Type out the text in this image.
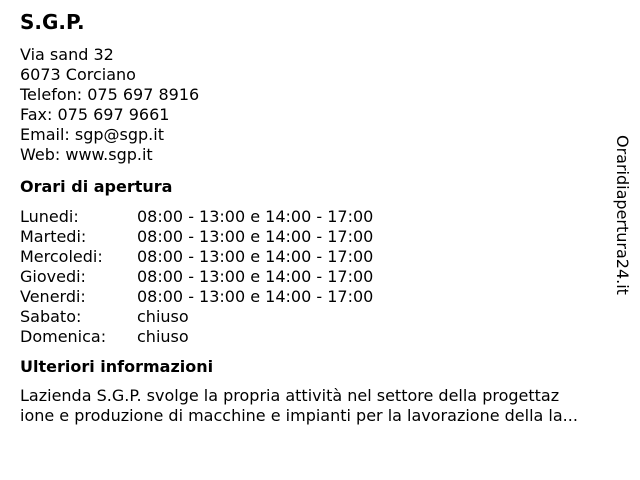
S.G.P.
Via sand 32
6073 Corciano
Telefon: 075 697 8916
Fax: 075 697 9661
Email: sgp@sgp.it
Web: www.sgp.it
Orari di apertura
Lunedi:	08:00 - 13:00 e 14:00 - 17:00
Martedi:	08:00 - 13:00 e 14:00 - 17:00
Mercoledi:	08:00 - 13:00 e 14:00 - 17:00
Giovedi:	08:00 - 13:00 e 14:00 - 17:00
Venerdi:	08:00 - 13:00 e 14:00 - 17:00
Sabato:	chiuso
Domenica:	chiuso
Ulteriori informazioni
Lazienda S.G.P. svolge la propria attività nel settore della progettaz
ione e produzione di macchine e impianti per la lavorazione della la...
Oraridiapertura24.it
